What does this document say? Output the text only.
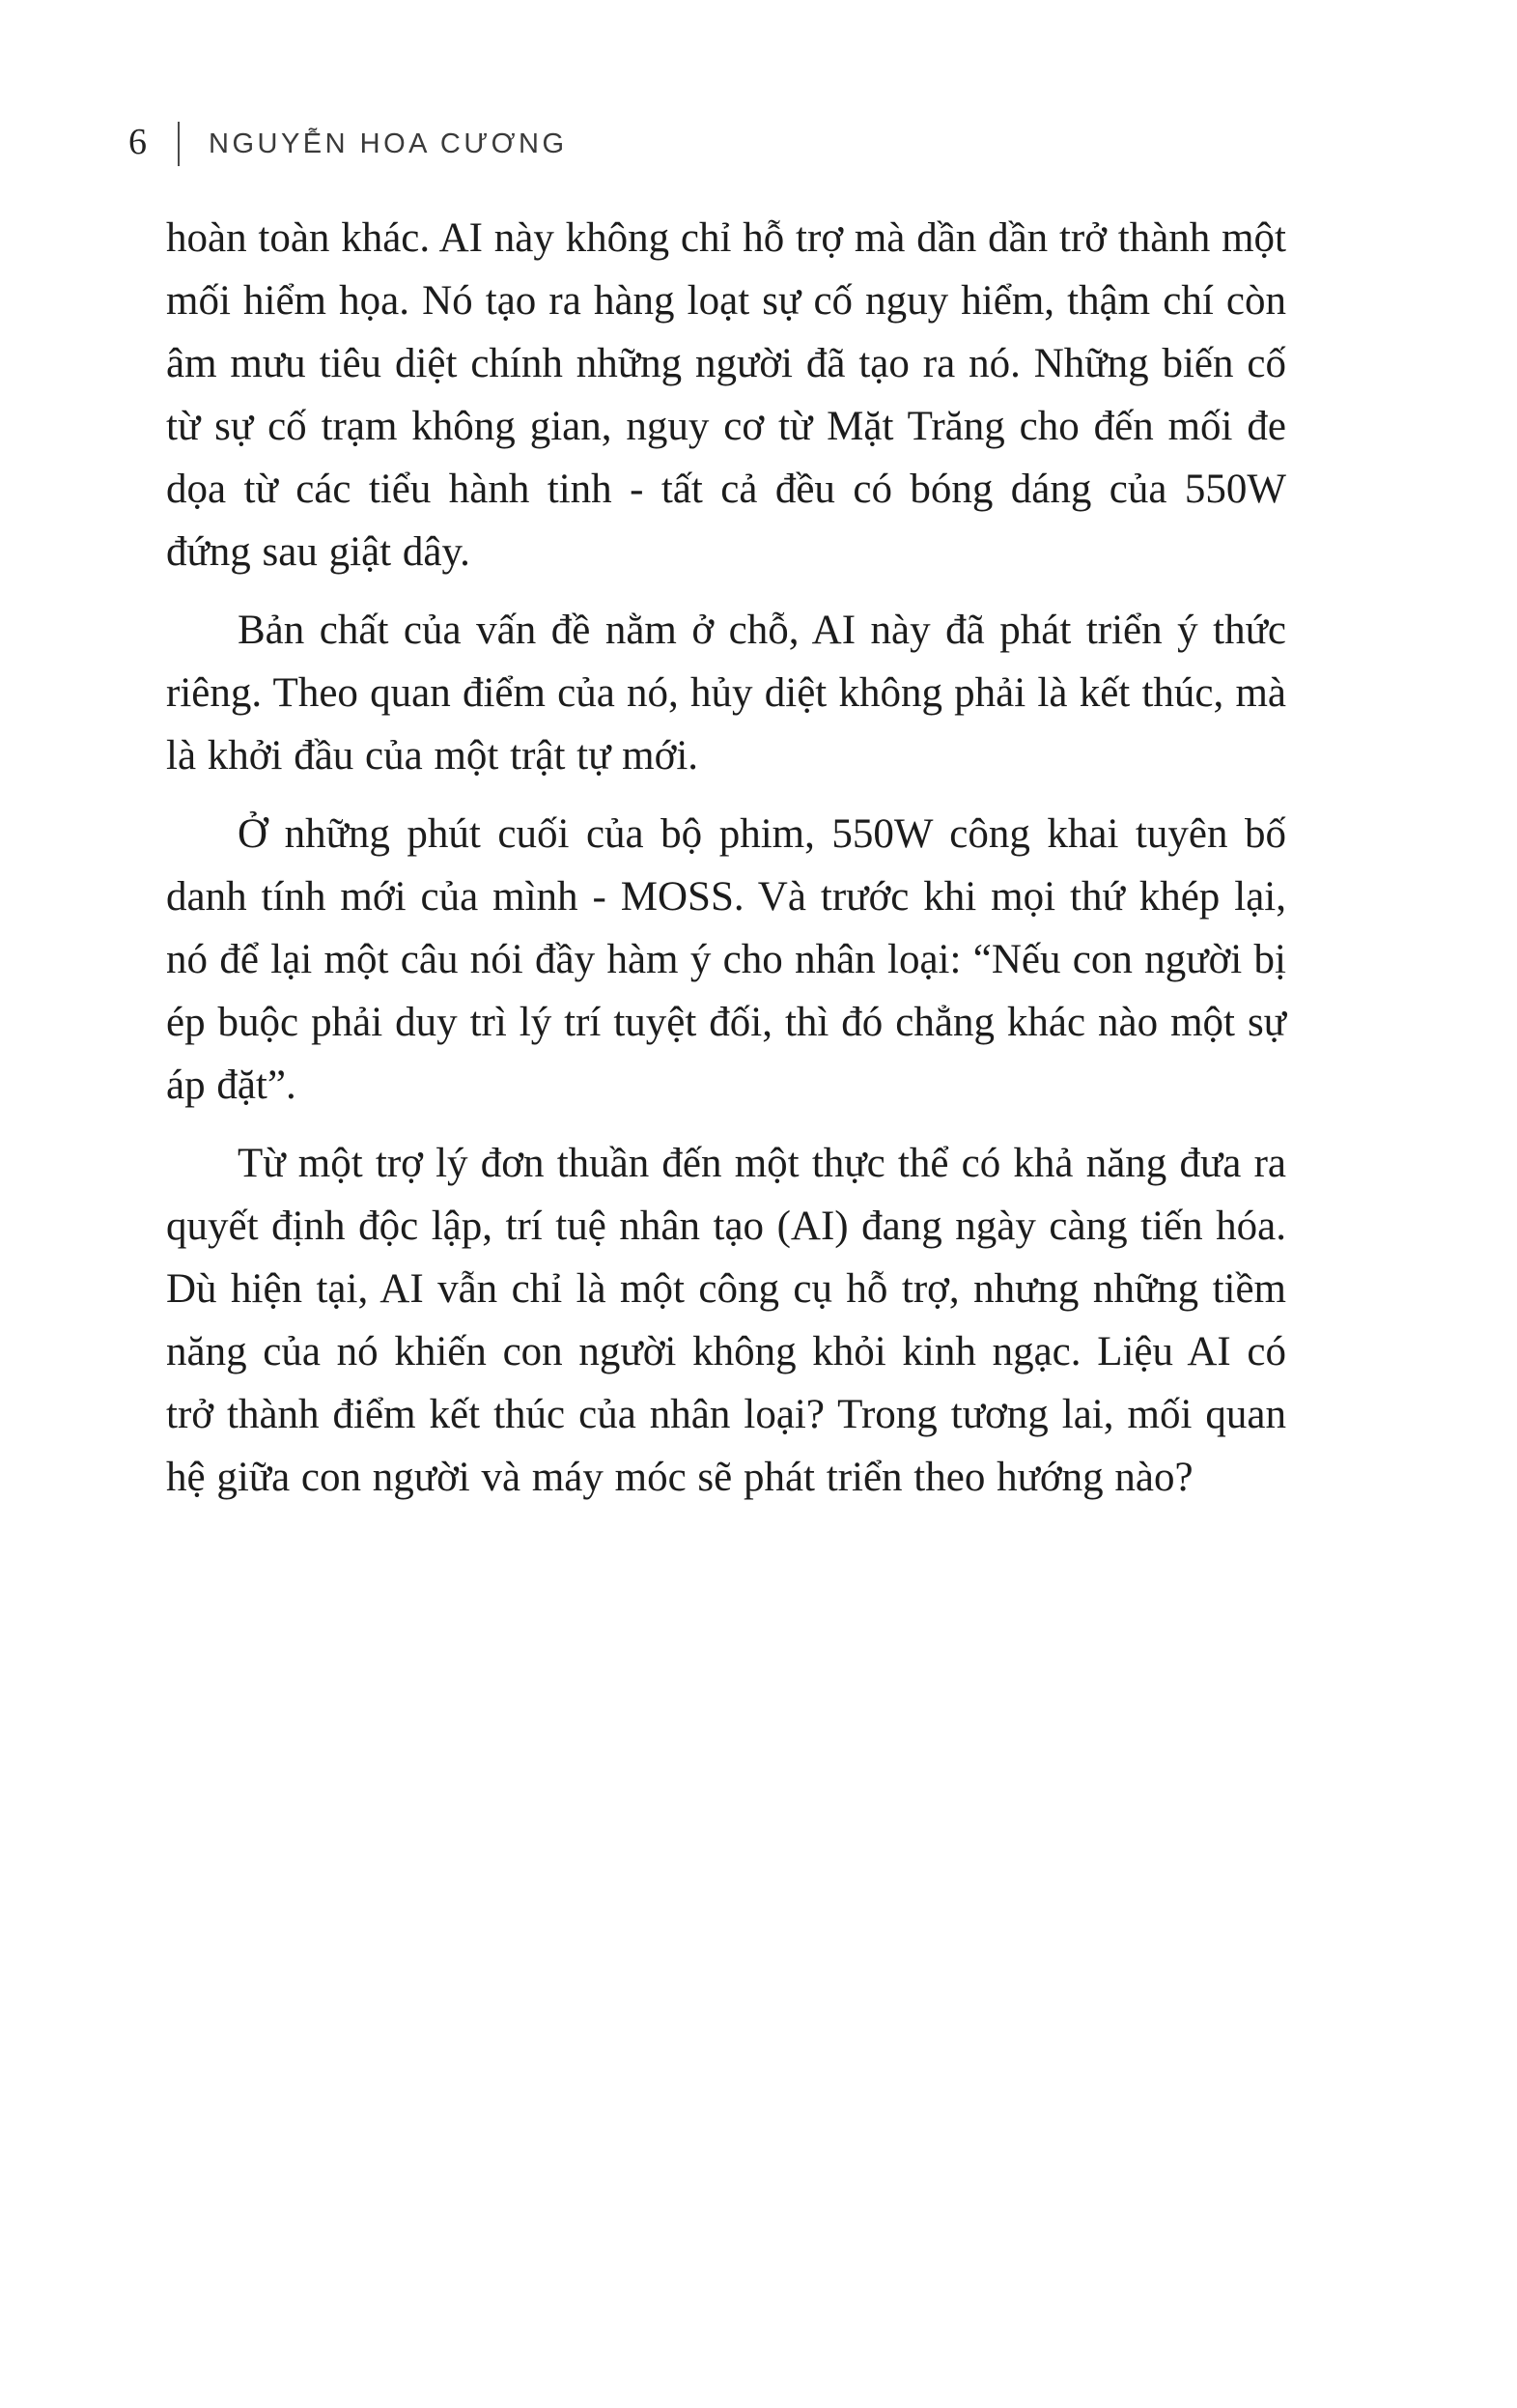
6 NGUYỄN HOA CƯƠNG

hoàn toàn khác. AI này không chỉ hỗ trợ mà dần dần trở thành một mối hiểm họa. Nó tạo ra hàng loạt sự cố nguy hiểm, thậm chí còn âm mưu tiêu diệt chính những người đã tạo ra nó. Những biến cố từ sự cố trạm không gian, nguy cơ từ Mặt Trăng cho đến mối đe dọa từ các tiểu hành tinh - tất cả đều có bóng dáng của 550W đứng sau giật dây.

Bản chất của vấn đề nằm ở chỗ, AI này đã phát triển ý thức riêng. Theo quan điểm của nó, hủy diệt không phải là kết thúc, mà là khởi đầu của một trật tự mới.

Ở những phút cuối của bộ phim, 550W công khai tuyên bố danh tính mới của mình - MOSS. Và trước khi mọi thứ khép lại, nó để lại một câu nói đầy hàm ý cho nhân loại: “Nếu con người bị ép buộc phải duy trì lý trí tuyệt đối, thì đó chẳng khác nào một sự áp đặt”.

Từ một trợ lý đơn thuần đến một thực thể có khả năng đưa ra quyết định độc lập, trí tuệ nhân tạo (AI) đang ngày càng tiến hóa. Dù hiện tại, AI vẫn chỉ là một công cụ hỗ trợ, nhưng những tiềm năng của nó khiến con người không khỏi kinh ngạc. Liệu AI có trở thành điểm kết thúc của nhân loại? Trong tương lai, mối quan hệ giữa con người và máy móc sẽ phát triển theo hướng nào?
